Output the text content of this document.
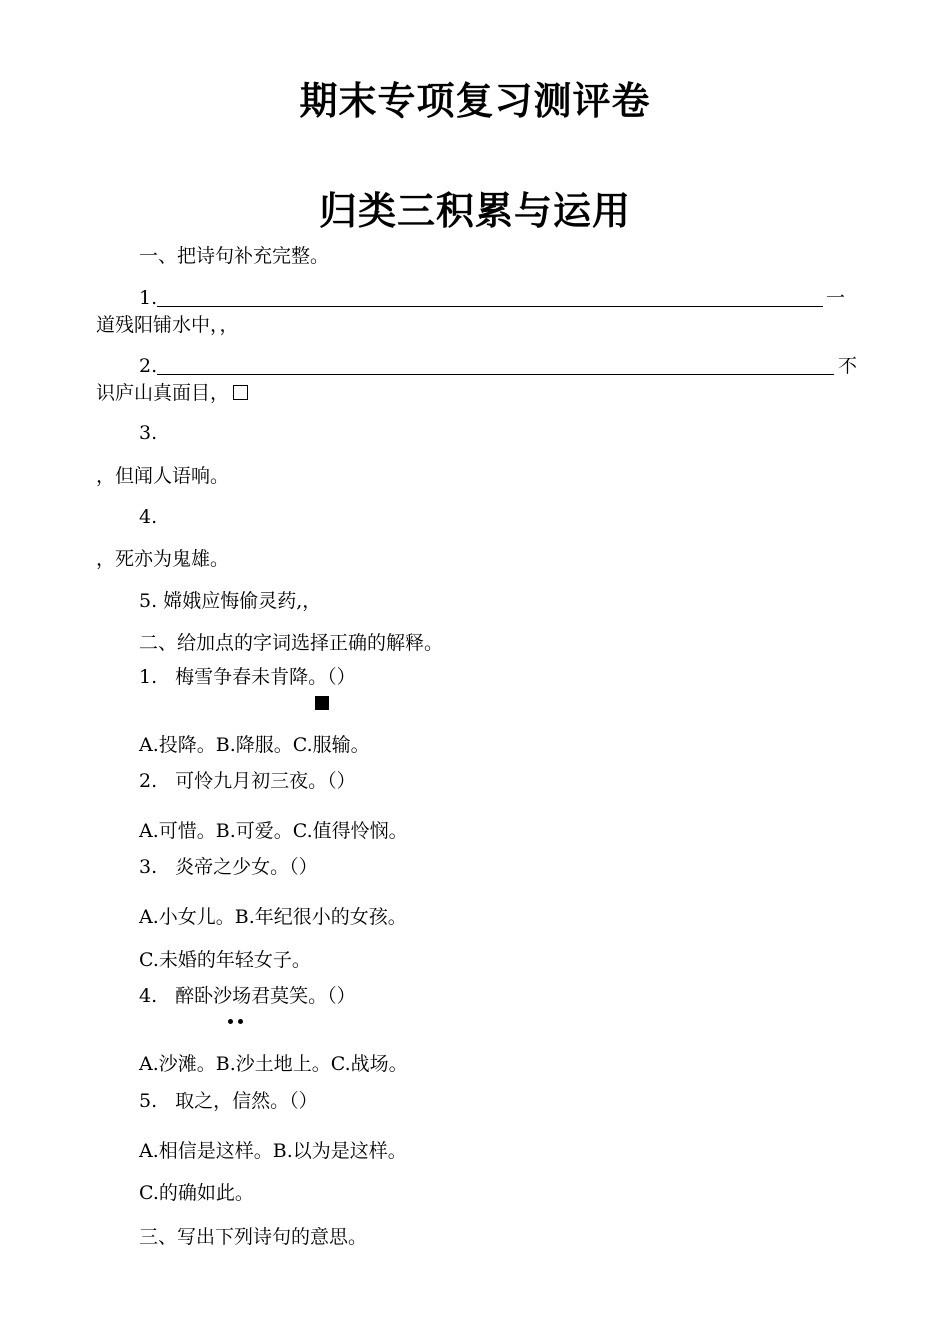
期末专项复习测评卷
归类三积累与运用
一、把诗句补充完整。
1.	一
道残阳铺水中，，
2.	不
识庐山真面目，
3.
，但闻人语响。
4.
，死亦为鬼雄。
5. 嫦娥应悔偷灵药,，
二、给加点的字词选择正确的解释。
1. 梅雪争春未肯降。（）
A.投降。B.降服。C.服输。
2. 可怜九月初三夜。（）
A.可惜。B.可爱。C.值得怜悯。
3. 炎帝之少女。（）
A.小女儿。B.年纪很小的女孩。
C.未婚的年轻女子。
4. 醉卧沙场君莫笑。（）
A.沙滩。B.沙土地上。C.战场。
5. 取之，信然。（）
A.相信是这样。B.以为是这样。
C.的确如此。
三、写出下列诗句的意思。
